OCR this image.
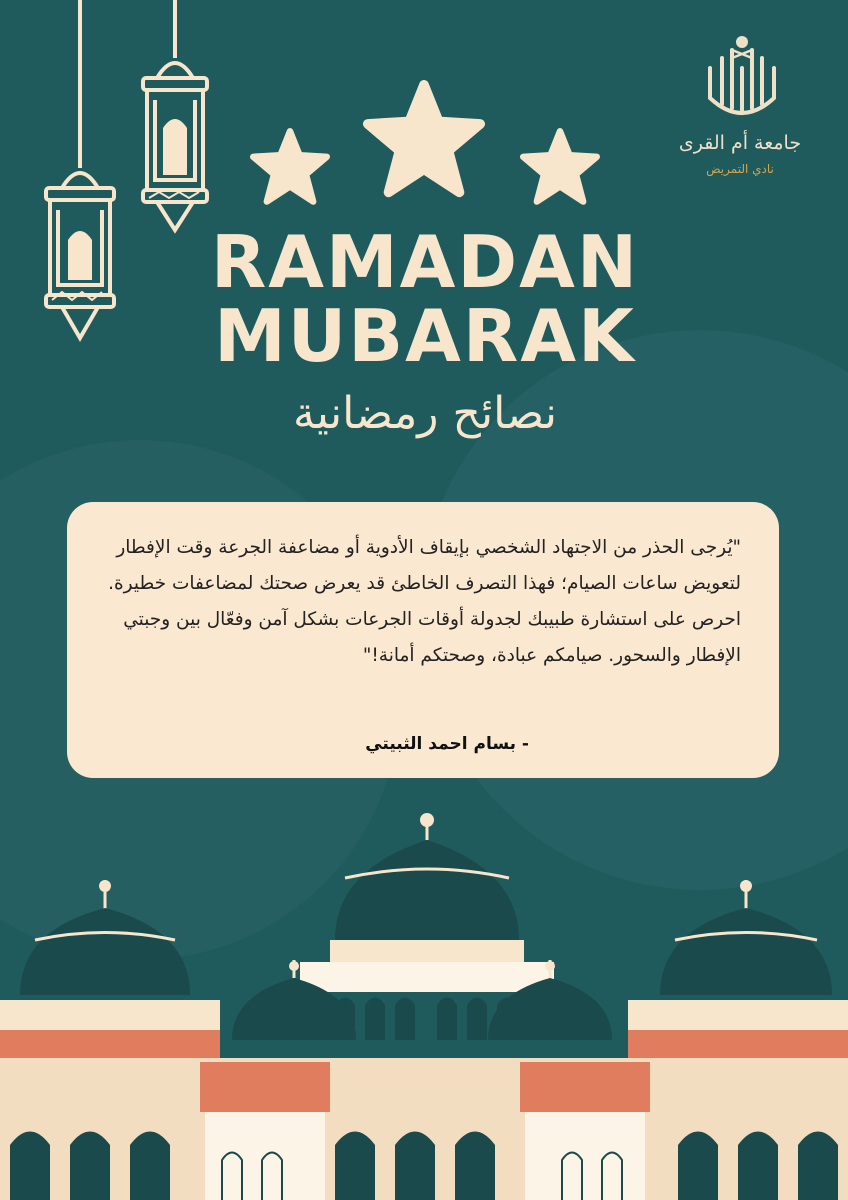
جامعة أم القرى
نادي التمريض
RAMADAN
MUBARAK
نصائح رمضانية
"يُرجى الحذر من الاجتهاد الشخصي بإيقاف الأدوية أو مضاعفة الجرعة وقت الإفطار لتعويض ساعات الصيام؛ فهذا التصرف الخاطئ قد يعرض صحتك لمضاعفات خطيرة. احرص على استشارة طبيبك لجدولة أوقات الجرعات بشكل آمن وفعّال بين وجبتي الإفطار والسحور. صيامكم عبادة، وصحتكم أمانة!"
- بسام احمد الثبيتي
